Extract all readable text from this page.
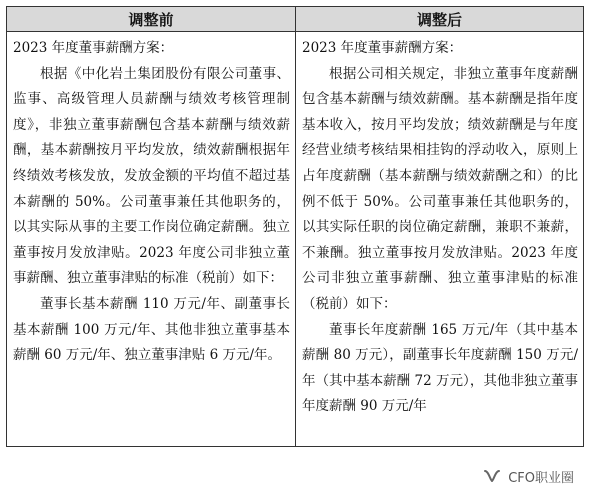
调整前	调整后

2023 年度董事薪酬方案：

根据《中化岩土集团股份有限公司董事、监事、高级管理人员薪酬与绩效考核管理制度》，非独立董事薪酬包含基本薪酬与绩效薪酬，基本薪酬按月平均发放，绩效薪酬根据年终绩效考核发放，发放金额的平均值不超过基本薪酬的 50%。公司董事兼任其他职务的，以其实际从事的主要工作岗位确定薪酬。独立董事按月发放津贴。2023 年度公司非独立董事薪酬、独立董事津贴的标准（税前）如下：

董事长基本薪酬 110 万元/年、副董事长基本薪酬 100 万元/年、其他非独立董事基本薪酬 60 万元/年、独立董事津贴 6 万元/年。

2023 年度董事薪酬方案：

根据公司相关规定，非独立董事年度薪酬包含基本薪酬与绩效薪酬。基本薪酬是指年度基本收入，按月平均发放；绩效薪酬是与年度经营业绩考核结果相挂钩的浮动收入，原则上占年度薪酬（基本薪酬与绩效薪酬之和）的比例不低于 50%。公司董事兼任其他职务的，以其实际任职的岗位确定薪酬，兼职不兼薪，不兼酬。独立董事按月发放津贴。2023 年度公司非独立董事薪酬、独立董事津贴的标准（税前）如下：

董事长年度薪酬 165 万元/年（其中基本薪酬 80 万元），副董事长年度薪酬 150 万元/年（其中基本薪酬 72 万元），其他非独立董事年度薪酬 90 万元/年

CFO职业圈
